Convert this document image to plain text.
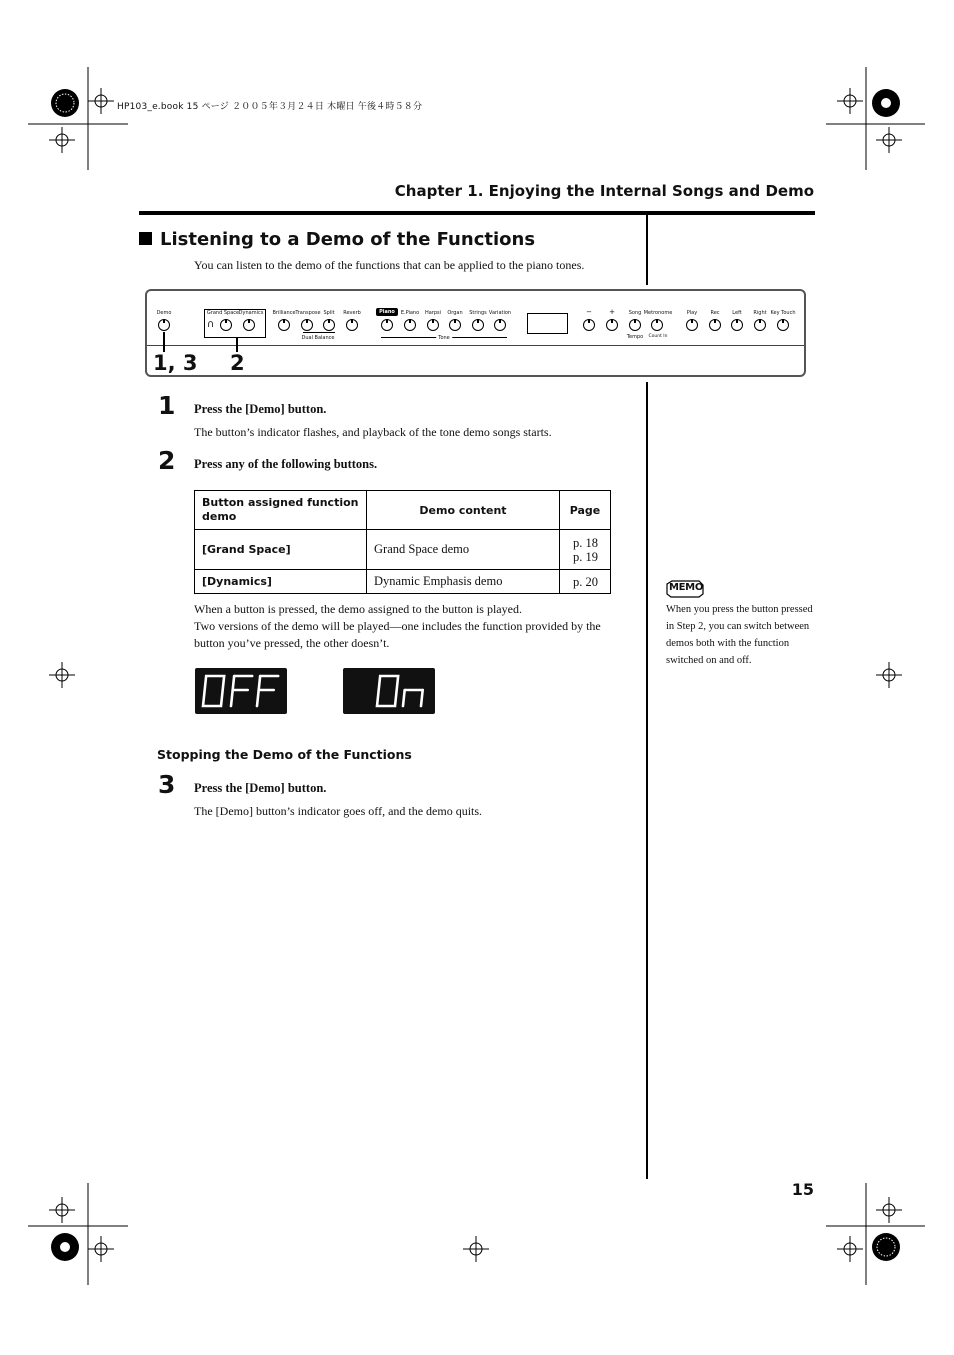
HP103_e.book 15 ページ ２００５年３月２４日 木曜日 午後４時５８分
Chapter 1. Enjoying the Internal Songs and Demo
Listening to a Demo of the Functions
You can listen to the demo of the functions that can be applied to the piano tones.
∩
Demo	Grand Space Dynamics Brilliance Transpose Split Reverb
Dual Balance
Piano E.Piano Harpsi Organ Strings Variation
Tone
− +	Song Metronome
Tempo Count In
Play	Rec	Left Right Key Touch
1, 3 2
1 Press the [Demo] button.
The button’s indicator flashes, and playback of the tone demo songs starts.
2 Press any of the following buttons.
Button assigned function demo	Demo content	Page
[Grand Space]	Grand Space demo	p. 18
p. 19

[Dynamics]	Dynamic Emphasis demo	p. 20
When a button is pressed, the demo assigned to the button is played.
Two versions of the demo will be played—one includes the function provided by the button you’ve pressed, the other doesn’t.
Stopping the Demo of the Functions
3 Press the [Demo] button.
The [Demo] button’s indicator goes off, and the demo quits.
MEMO
When you press the button pressed in Step 2, you can switch between demos both with the function switched on and off.
15
